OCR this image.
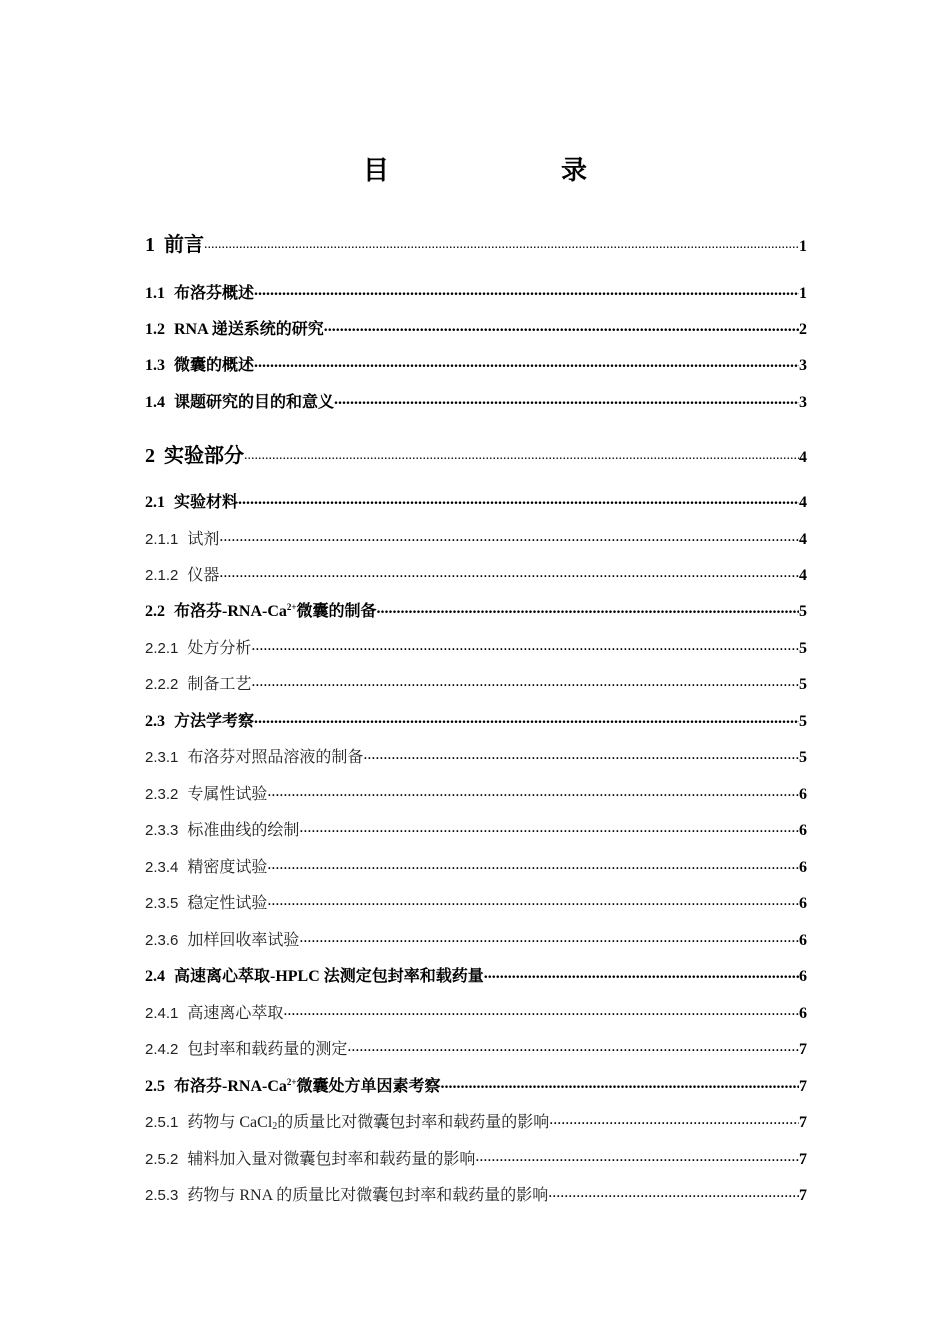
目　　录
1 前言 .....	1
1.1 布洛芬概述 .....	1
1.2 RNA 递送系统的研究 .....	2
1.3 微囊的概述 .....	3
1.4 课题研究的目的和意义 .....	3
2 实验部分 .....	4
2.1 实验材料 .....	4
2.1.1 试剂 .....	4
2.1.2 仪器 .....	4
2.2 布洛芬$-RNA-Ca^{2+}$微囊的制备 .....	5
2.2.1 处方分析 .....	5
2.2.2 制备工艺 .....	5
2.3 方法学考察 .....	5
2.3.1 布洛芬对照品溶液的制备 .....	5
2.3.2 专属性试验 .....	6
2.3.3 标准曲线的绘制 .....	6
2.3.4 精密度试验 .....	6
2.3.5 稳定性试验 .....	6
2.3.6 加样回收率试验 .....	6
2.4 高速离心萃取-HPLC 法测定包封率和载药量 .....	6
2.4.1 高速离心萃取 .....	6
2.4.2 包封率和载药量的测定 .....	7
2.5 布洛芬$-RNA-Ca^{2+}$微囊处方单因素考察 .....	7
2.5.1 药物与 CaCl$_2$的质量比对微囊包封率和载药量的影响 .....	7
2.5.2 辅料加入量对微囊包封率和载药量的影响 .....	7
2.5.3 药物与 RNA 的质量比对微囊包封率和载药量的影响 .....	7
